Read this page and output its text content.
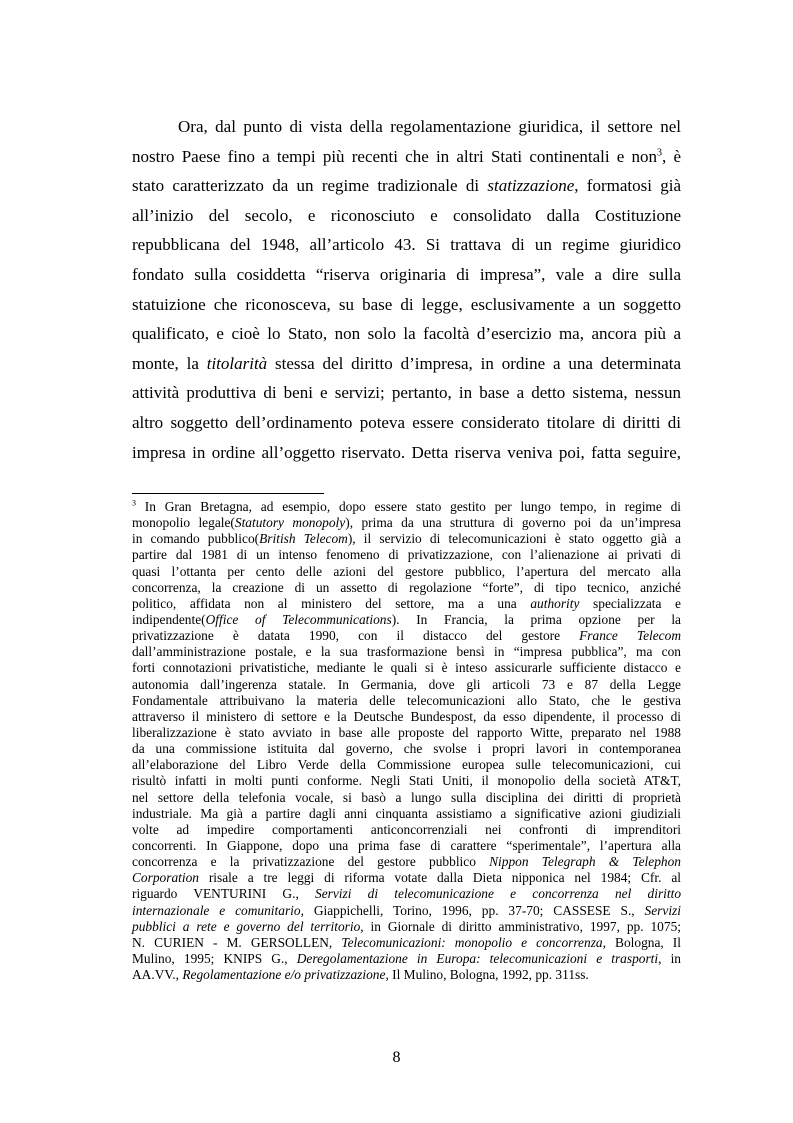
Ora, dal punto di vista della regolamentazione giuridica, il settore nel
nostro Paese fino a tempi più recenti che in altri Stati continentali e non$^3$, è
stato caratterizzato da un regime tradizionale di statizzazione, formatosi già
all’inizio del secolo, e riconosciuto e consolidato dalla Costituzione
repubblicana del 1948, all’articolo 43. Si trattava di un regime giuridico
fondato sulla cosiddetta “riserva originaria di impresa”, vale a dire sulla
statuizione che riconosceva, su base di legge, esclusivamente a un soggetto
qualificato, e cioè lo Stato, non solo la facoltà d’esercizio ma, ancora più a
monte, la titolarità stessa del diritto d’impresa, in ordine a una determinata
attività produttiva di beni e servizi; pertanto, in base a detto sistema, nessun
altro soggetto dell’ordinamento poteva essere considerato titolare di diritti di
impresa in ordine all’oggetto riservato. Detta riserva veniva poi, fatta seguire,
$^3$ In Gran Bretagna, ad esempio, dopo essere stato gestito per lungo tempo, in regime di
monopolio legale(Statutory monopoly), prima da una struttura di governo poi da un’impresa
in comando pubblico(British Telecom), il servizio di telecomunicazioni è stato oggetto già a
partire dal 1981 di un intenso fenomeno di privatizzazione, con l’alienazione ai privati di
quasi l’ottanta per cento delle azioni del gestore pubblico, l’apertura del mercato alla
concorrenza, la creazione di un assetto di regolazione “forte”, di tipo tecnico, anziché
politico, affidata non al ministero del settore, ma a una authority specializzata e
indipendente(Office of Telecommunications). In Francia, la prima opzione per la
privatizzazione è datata 1990, con il distacco del gestore France Telecom
dall’amministrazione postale, e la sua trasformazione bensì in “impresa pubblica”, ma con
forti connotazioni privatistiche, mediante le quali si è inteso assicurarle sufficiente distacco e
autonomia dall’ingerenza statale. In Germania, dove gli articoli 73 e 87 della Legge
Fondamentale attribuivano la materia delle telecomunicazioni allo Stato, che le gestiva
attraverso il ministero di settore e la Deutsche Bundespost, da esso dipendente, il processo di
liberalizzazione è stato avviato in base alle proposte del rapporto Witte, preparato nel 1988
da una commissione istituita dal governo, che svolse i propri lavori in contemporanea
all’elaborazione del Libro Verde della Commissione europea sulle telecomunicazioni, cui
risultò infatti in molti punti conforme. Negli Stati Uniti, il monopolio della società AT&T,
nel settore della telefonia vocale, si basò a lungo sulla disciplina dei diritti di proprietà
industriale. Ma già a partire dagli anni cinquanta assistiamo a significative azioni giudiziali
volte ad impedire comportamenti anticoncorrenziali nei confronti di imprenditori
concorrenti. In Giappone, dopo una prima fase di carattere “sperimentale”, l’apertura alla
concorrenza e la privatizzazione del gestore pubblico Nippon Telegraph & Telephon
Corporation risale a tre leggi di riforma votate dalla Dieta nipponica nel 1984; Cfr. al
riguardo VENTURINI G., Servizi di telecomunicazione e concorrenza nel diritto
internazionale e comunitario, Giappichelli, Torino, 1996, pp. 37-70; CASSESE S., Servizi
pubblici a rete e governo del territorio, in Giornale di diritto amministrativo, 1997, pp. 1075;
N. CURIEN - M. GERSOLLEN, Telecomunicazioni: monopolio e concorrenza, Bologna, Il
Mulino, 1995; KNIPS G., Deregolamentazione in Europa: telecomunicazioni e trasporti, in
AA.VV., Regolamentazione e/o privatizzazione, Il Mulino, Bologna, 1992, pp. 311ss.
8
